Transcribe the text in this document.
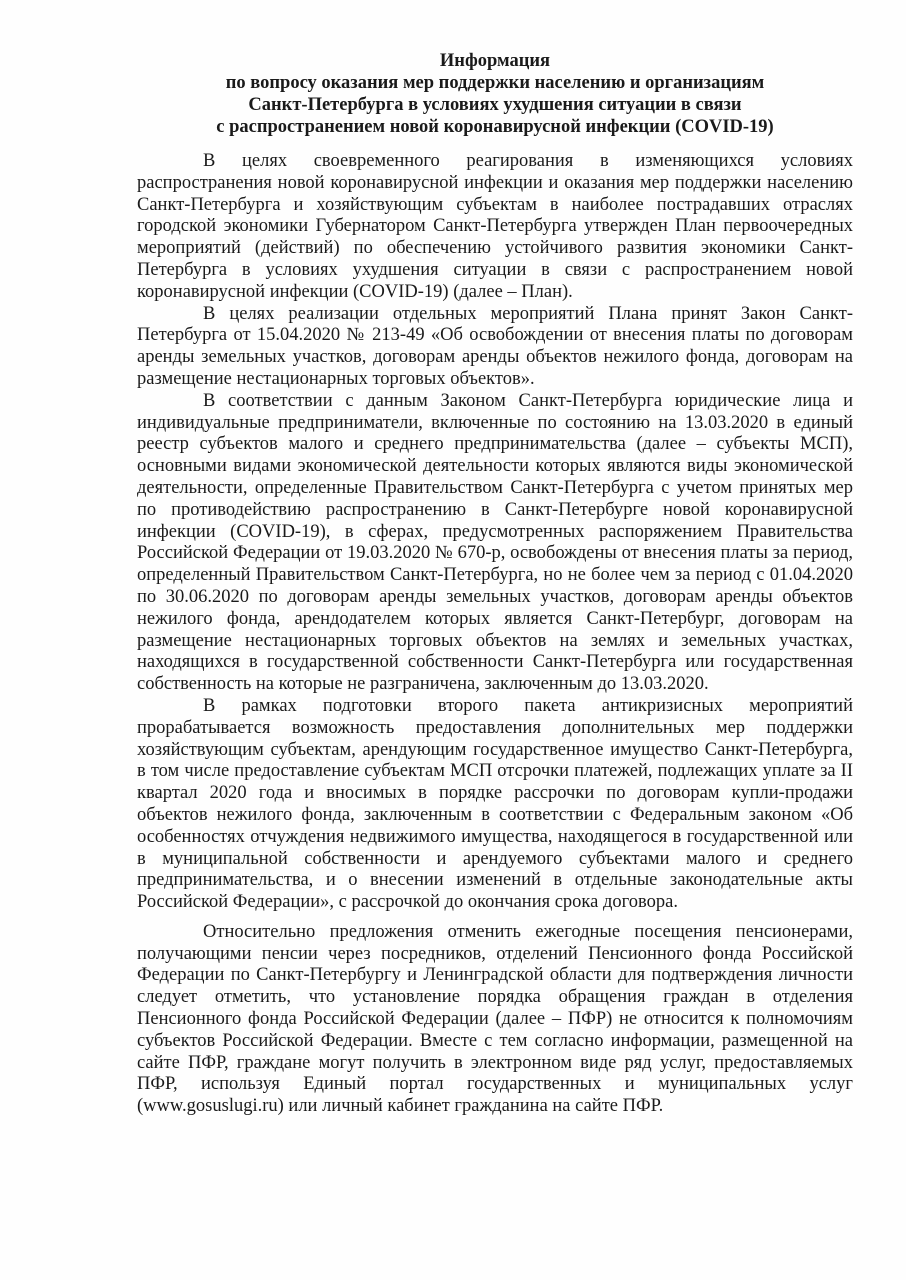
Информация
по вопросу оказания мер поддержки населению и организациям
Санкт-Петербурга в условиях ухудшения ситуации в связи
с распространением новой коронавирусной инфекции (COVID-19)

В целях своевременного реагирования в изменяющихся условиях распространения новой коронавирусной инфекции и оказания мер поддержки населению Санкт-Петербурга и хозяйствующим субъектам в наиболее пострадавших отраслях городской экономики Губернатором Санкт-Петербурга утвержден План первоочередных мероприятий (действий) по обеспечению устойчивого развития экономики Санкт-Петербурга в условиях ухудшения ситуации в связи с распространением новой коронавирусной инфекции (COVID-19) (далее – План).

В целях реализации отдельных мероприятий Плана принят Закон Санкт-Петербурга от 15.04.2020 № 213-49 «Об освобождении от внесения платы по договорам аренды земельных участков, договорам аренды объектов нежилого фонда, договорам на размещение нестационарных торговых объектов».

В соответствии с данным Законом Санкт-Петербурга юридические лица и индивидуальные предприниматели, включенные по состоянию на 13.03.2020 в единый реестр субъектов малого и среднего предпринимательства (далее – субъекты МСП), основными видами экономической деятельности которых являются виды экономической деятельности, определенные Правительством Санкт-Петербурга с учетом принятых мер по противодействию распространению в Санкт-Петербурге новой коронавирусной инфекции (COVID-19), в сферах, предусмотренных распоряжением Правительства Российской Федерации от 19.03.2020 № 670-р, освобождены от внесения платы за период, определенный Правительством Санкт-Петербурга, но не более чем за период с 01.04.2020 по 30.06.2020 по договорам аренды земельных участков, договорам аренды объектов нежилого фонда, арендодателем которых является Санкт-Петербург, договорам на размещение нестационарных торговых объектов на землях и земельных участках, находящихся в государственной собственности Санкт-Петербурга или государственная собственность на которые не разграничена, заключенным до 13.03.2020.

В рамках подготовки второго пакета антикризисных мероприятий прорабатывается возможность предоставления дополнительных мер поддержки хозяйствующим субъектам, арендующим государственное имущество Санкт-Петербурга, в том числе предоставление субъектам МСП отсрочки платежей, подлежащих уплате за II квартал 2020 года и вносимых в порядке рассрочки по договорам купли-продажи объектов нежилого фонда, заключенным в соответствии с Федеральным законом «Об особенностях отчуждения недвижимого имущества, находящегося в государственной или в муниципальной собственности и арендуемого субъектами малого и среднего предпринимательства, и о внесении изменений в отдельные законодательные акты Российской Федерации», с рассрочкой до окончания срока договора.

Относительно предложения отменить ежегодные посещения пенсионерами, получающими пенсии через посредников, отделений Пенсионного фонда Российской Федерации по Санкт-Петербургу и Ленинградской области для подтверждения личности следует отметить, что установление порядка обращения граждан в отделения Пенсионного фонда Российской Федерации (далее – ПФР) не относится к полномочиям субъектов Российской Федерации. Вместе с тем согласно информации, размещенной на сайте ПФР, граждане могут получить в электронном виде ряд услуг, предоставляемых ПФР, используя Единый портал государственных и муниципальных услуг (www.gosuslugi.ru) или личный кабинет гражданина на сайте ПФР.
